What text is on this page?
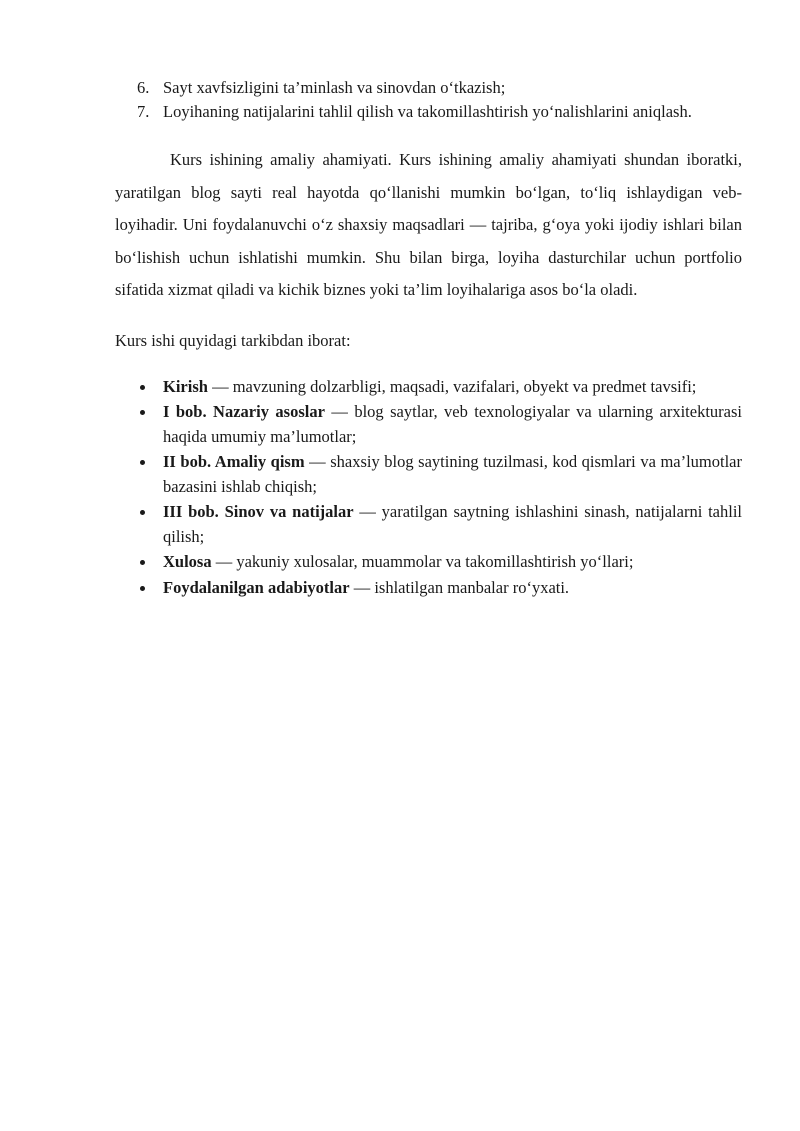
6. Sayt xavfsizligini ta’minlash va sinovdan o‘tkazish;
7. Loyihaning natijalarini tahlil qilish va takomillashtirish yo‘nalishlarini aniqlash.

Kurs ishining amaliy ahamiyati. Kurs ishining amaliy ahamiyati shundan iboratki, yaratilgan blog sayti real hayotda qo‘llanishi mumkin bo‘lgan, to‘liq ishlaydigan veb-loyihadir. Uni foydalanuvchi o‘z shaxsiy maqsadlari — tajriba, g‘oya yoki ijodiy ishlari bilan bo‘lishish uchun ishlatishi mumkin. Shu bilan birga, loyiha dasturchilar uchun portfolio sifatida xizmat qiladi va kichik biznes yoki ta’lim loyihalariga asos bo‘la oladi.

Kurs ishi quyidagi tarkibdan iborat:

Kirish — mavzuning dolzarbligi, maqsadi, vazifalari, obyekt va predmet tavsifi;
I bob. Nazariy asoslar — blog saytlar, veb texnologiyalar va ularning arxitekturasi haqida umumiy ma’lumotlar;
II bob. Amaliy qism — shaxsiy blog saytining tuzilmasi, kod qismlari va ma’lumotlar bazasini ishlab chiqish;
III bob. Sinov va natijalar — yaratilgan saytning ishlashini sinash, natijalarni tahlil qilish;
Xulosa — yakuniy xulosalar, muammolar va takomillashtirish yo‘llari;
Foydalanilgan adabiyotlar — ishlatilgan manbalar ro‘yxati.
